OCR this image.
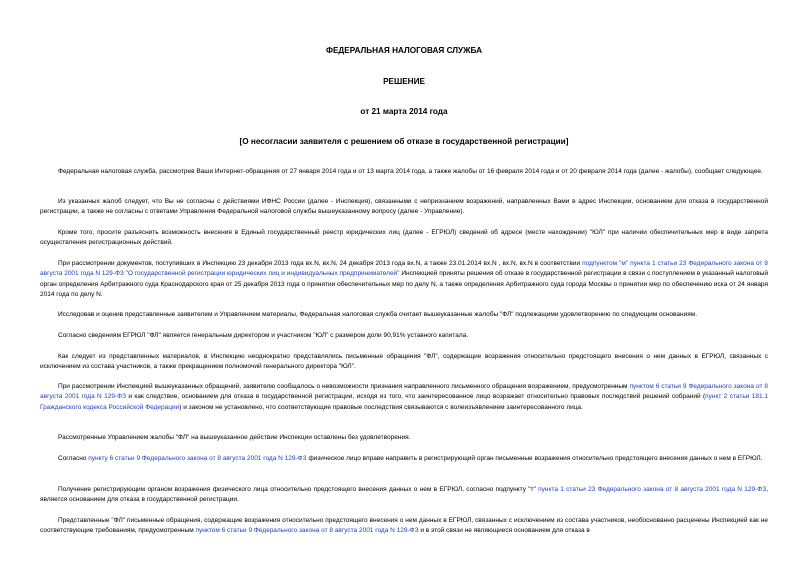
ФЕДЕРАЛЬНАЯ НАЛОГОВАЯ СЛУЖБА
РЕШЕНИЕ
от 21 марта 2014 года
[О несогласии заявителя с решением об отказе в государственной регистрации]

Федеральная налоговая служба, рассмотрев Ваши Интернет-обращения от 27 января 2014 года и от 13 марта 2014 года, а также жалобы от 16 февраля 2014 года и от 20 февраля 2014 года (далее - жалобы), сообщает следующее.

Из указанных жалоб следует, что Вы не согласны с действиями ИФНС России (далее - Инспекция), связанными с непризнанием возражений, направленных Вами в адрес Инспекции, основанием для отказа в государственной регистрации, а также не согласны с ответами Управления Федеральной налоговой службы вышеуказанному вопросу (далее - Управление).

Кроме того, просите разъяснить возможность внесения в Единый государственный реестр юридических лиц (далее - ЕГРЮЛ) сведений об адресе (месте нахождении) "ЮЛ" при наличии обеспечительных мер в виде запрета осуществления регистрационных действий.

При рассмотрении документов, поступивших в Инспекцию 23 декабря 2013 года вх.N, вх.N, 24 декабря 2013 года вх.N, а также 23.01.2014 вх.N , вх.N, вх.N в соответствии подпунктом "м" пункта 1 статьи 23 Федерального закона от 8 августа 2001 года N 129-ФЗ "О государственной регистрации юридических лиц и индивидуальных предпринимателей" Инспекцией приняты решения об отказе в государственной регистрации в связи с поступлением в указанный налоговый орган определения Арбитражного суда Краснодарского края от 25 декабря 2013 года о принятии обеспечительных мер по делу N, а также определения Арбитражного суда города Москвы о принятии мер по обеспечению иска от 24 января 2014 года по делу N.

Исследовав и оценив представленные заявителем и Управлением материалы, Федеральная налоговая служба считает вышеуказанные жалобы "ФЛ" подлежащими удовлетворению по следующим основаниям.

Согласно сведениям ЕГРЮЛ "ФЛ" является генеральным директором и участником "ЮЛ" с размером доли 90,91% уставного капитала.

Как следует из представленных материалов, в Инспекцию неоднократно представлялись письменные обращения "ФЛ", содержащие возражения относительно предстоящего внесения о нем данных в ЕГРЮЛ, связанных с исключением из состава участников, а также прекращением полномочий генерального директора "ЮЛ".

При рассмотрении Инспекцией вышеуказанных обращений, заявителю сообщалось о невозможности признания направленного письменного обращения возражением, предусмотренным пунктом 6 статьи 9 Федерального закона от 8 августа 2001 года N 129-ФЗ и как следствие, основанием для отказа в государственной регистрации, исходя из того, что заинтересованное лицо возражает относительно правовых последствий решений собраний (пункт 2 статьи 181.1 Гражданского кодекса Российской Федерации) и законом не установлено, что соответствующие правовые последствия связываются с волеизъявлением заинтересованного лица.

Рассмотренные Управлением жалобы "ФЛ" на вышеуказанное действие Инспекции оставлены без удовлетворения.

Согласно пункту 6 статьи 9 Федерального закона от 8 августа 2001 года N 129-ФЗ физическое лицо вправе направить в регистрирующий орган письменные возражения относительно предстоящего внесения данных о нем в ЕГРЮЛ.

Получение регистрирующим органом возражения физического лица относительно предстоящего внесения данных о нем в ЕГРЮЛ, согласно подпункту "т" пункта 1 статьи 23 Федерального закона от 8 августа 2001 года N 129-ФЗ, является основанием для отказа в государственной регистрации.

Представленные "ФЛ" письменные обращения, содержащие возражения относительно предстоящего внесения о нем данных в ЕГРЮЛ, связанных с исключением из состава участников, необоснованно расценены Инспекцией как не соответствующие требованиям, предусмотренным пунктом 6 статьи 9 Федерального закона от 8 августа 2001 года N 129-ФЗ и в этой связи не являющиеся основанием для отказа в
